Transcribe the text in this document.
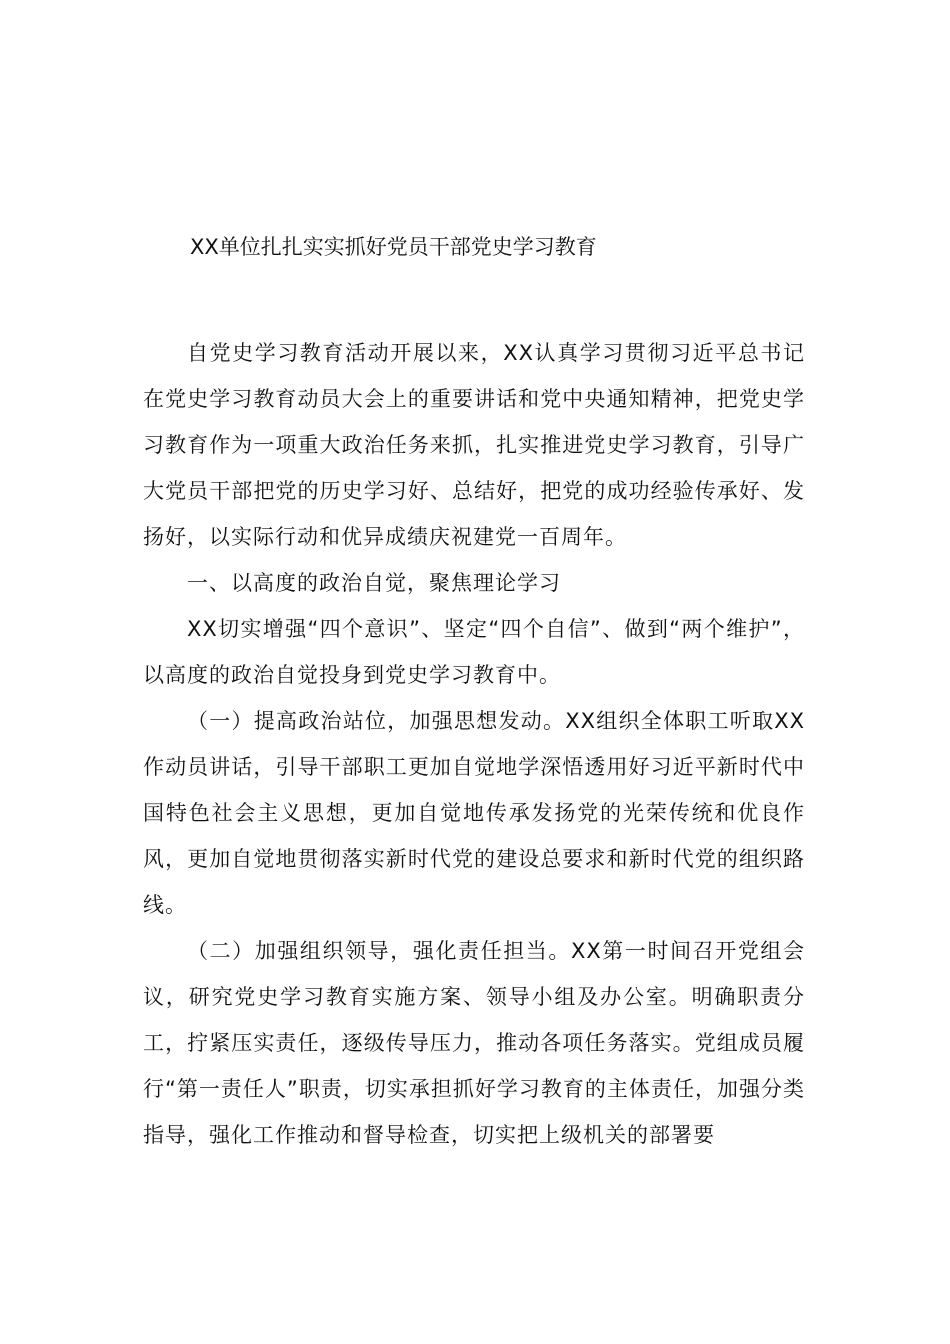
XX单位扎扎实实抓好党员干部党史学习教育

自党史学习教育活动开展以来，XX认真学习贯彻习近平总书记在党史学习教育动员大会上的重要讲话和党中央通知精神，把党史学习教育作为一项重大政治任务来抓，扎实推进党史学习教育，引导广大党员干部把党的历史学习好、总结好，把党的成功经验传承好、发扬好，以实际行动和优异成绩庆祝建党一百周年。

一、以高度的政治自觉，聚焦理论学习

XX切实增强“四个意识”、坚定“四个自信”、做到“两个维护”，以高度的政治自觉投身到党史学习教育中。

（一）提高政治站位，加强思想发动。XX组织全体职工听取XX作动员讲话，引导干部职工更加自觉地学深悟透用好习近平新时代中国特色社会主义思想，更加自觉地传承发扬党的光荣传统和优良作风，更加自觉地贯彻落实新时代党的建设总要求和新时代党的组织路线。

（二）加强组织领导，强化责任担当。XX第一时间召开党组会议，研究党史学习教育实施方案、领导小组及办公室。明确职责分工，拧紧压实责任，逐级传导压力，推动各项任务落实。党组成员履行“第一责任人”职责，切实承担抓好学习教育的主体责任，加强分类指导，强化工作推动和督导检查，切实把上级机关的部署要
